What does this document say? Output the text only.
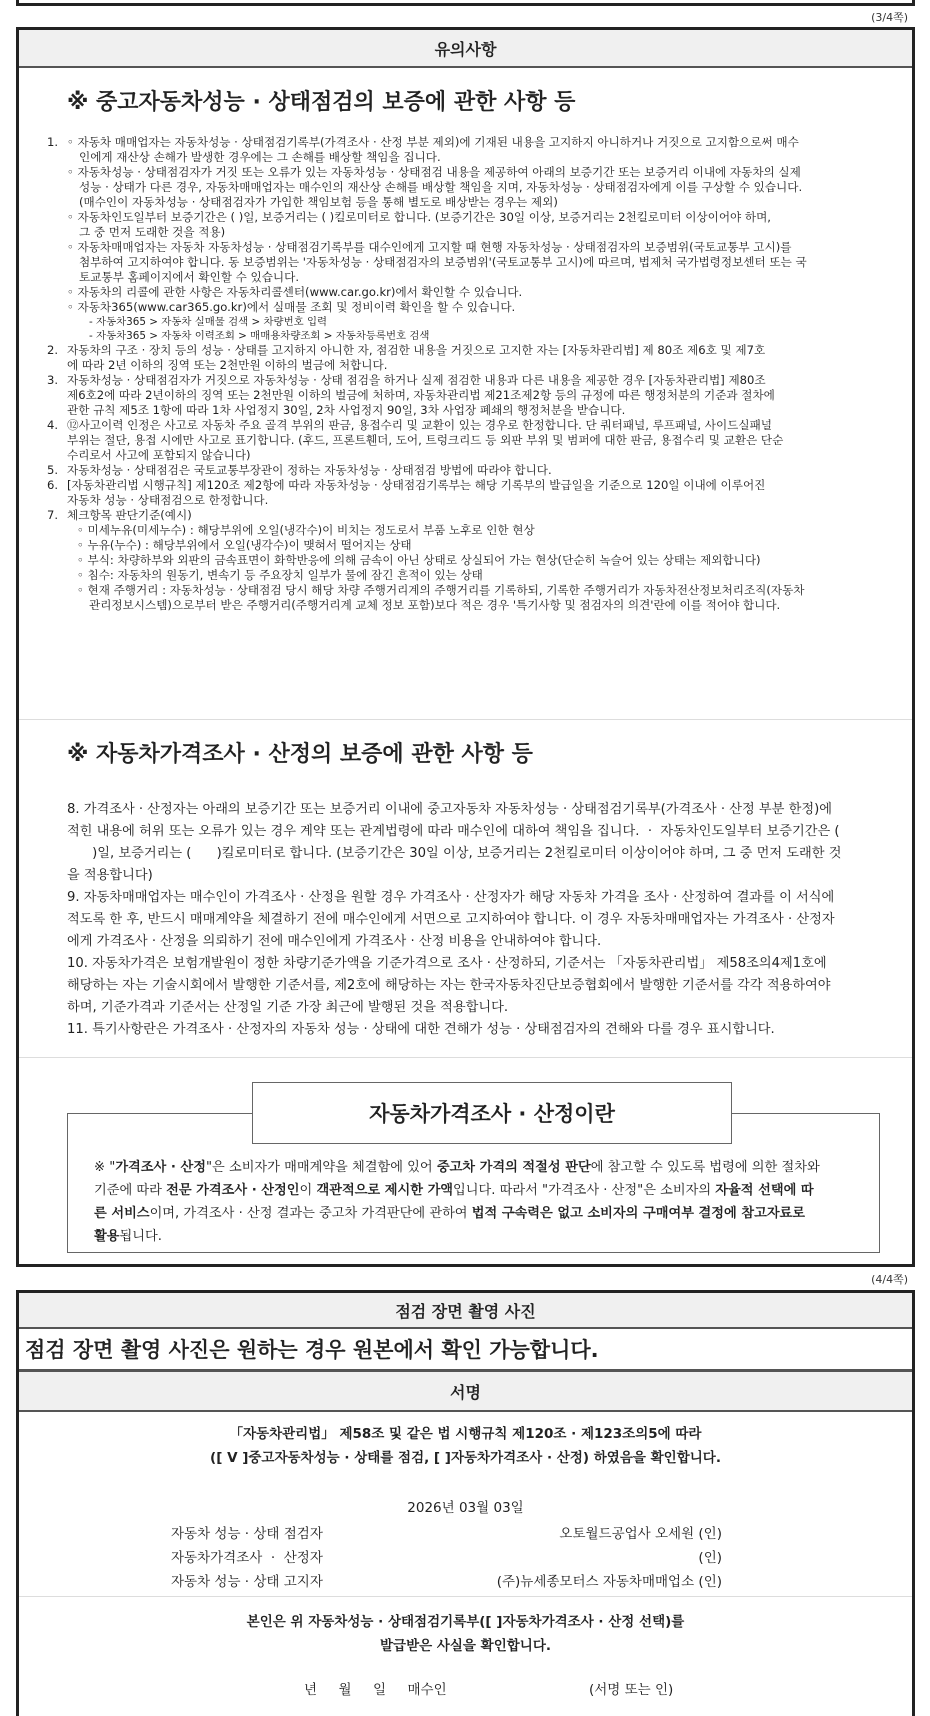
(3/4쪽)
유의사항
※ 중고자동차성능 · 상태점검의 보증에 관한 사항 등
1. ◦ 자동차 매매업자는 자동차성능 · 상태점검기록부(가격조사 · 산정 부분 제외)에 기재된 내용을 고지하지 아니하거나 거짓으로 고지함으로써 매수
인에게 재산상 손해가 발생한 경우에는 그 손해를 배상할 책임을 집니다.
◦ 자동차성능 · 상태점검자가 거짓 또는 오류가 있는 자동차성능 · 상태점검 내용을 제공하여 아래의 보증기간 또는 보증거리 이내에 자동차의 실제
성능 · 상태가 다른 경우, 자동차매매업자는 매수인의 재산상 손해를 배상할 책임을 지며, 자동차성능 · 상태점검자에게 이를 구상할 수 있습니다.
(매수인이 자동차성능 · 상태점검자가 가입한 책임보험 등을 통해 별도로 배상받는 경우는 제외)
◦ 자동차인도일부터 보증기간은 ( )일, 보증거리는 ( )킬로미터로 합니다. (보증기간은 30일 이상, 보증거리는 2천킬로미터 이상이어야 하며,
그 중 먼저 도래한 것을 적용)
◦ 자동차매매업자는 자동차 자동차성능 · 상태점검기록부를 대수인에게 고지할 때 현행 자동차성능 · 상태점검자의 보증범위(국토교통부 고시)를
첨부하여 고지하여야 합니다. 동 보증범위는 '자동차성능 · 상태점검자의 보증범위'(국토교통부 고시)에 따르며, 법제처 국가법령정보센터 또는 국
토교통부 홈페이지에서 확인할 수 있습니다.
◦ 자동차의 리콜에 관한 사항은 자동차리콜센터(www.car.go.kr)에서 확인할 수 있습니다.
◦ 자동차365(www.car365.go.kr)에서 실매물 조회 및 정비이력 확인을 할 수 있습니다.
- 자동차365 > 자동차 실매물 검색 > 차량번호 입력
- 자동차365 > 자동차 이력조회 > 매매용차량조회 > 자동차등록번호 검색
2. 자동차의 구조 · 장치 등의 성능 · 상태를 고지하지 아니한 자, 점검한 내용을 거짓으로 고지한 자는 [자동차관리법] 제 80조 제6호 및 제7호
에 따라 2년 이하의 징역 또는 2천만원 이하의 벌금에 처합니다.
3. 자동차성능 · 상태점검자가 거짓으로 자동차성능 · 상태 점검을 하거나 실제 점검한 내용과 다른 내용을 제공한 경우 [자동차관리법] 제80조
제6호2에 따라 2년이하의 징역 또는 2천만원 이하의 벌금에 처하며, 자동차관리법 제21조제2항 등의 규정에 따른 행정처분의 기준과 절차에
관한 규칙 제5조 1항에 따라 1차 사업정지 30일, 2차 사업정지 90일, 3차 사업장 폐쇄의 행정처분을 받습니다.
4. ⑫사고이력 인정은 사고로 자동차 주요 골격 부위의 판금, 용접수리 및 교환이 있는 경우로 한정합니다. 단 쿼터패널, 루프패널, 사이드실패널
부위는 절단, 용접 시에만 사고로 표기합니다. (후드, 프론트휀더, 도어, 트렁크리드 등 외판 부위 및 범퍼에 대한 판금, 용접수리 및 교환은 단순
수리로서 사고에 포함되지 않습니다)
5. 자동차성능 · 상태점검은 국토교통부장관이 정하는 자동차성능 · 상태점검 방법에 따라야 합니다.
6. [자동차관리법 시행규칙] 제120조 제2항에 따라 자동차성능 · 상태점검기록부는 해당 기록부의 발급일을 기준으로 120일 이내에 이루어진
자동차 성능 · 상태점검으로 한정합니다.
7. 체크항목 판단기준(예시)
◦ 미세누유(미세누수) : 해당부위에 오일(냉각수)이 비치는 정도로서 부품 노후로 인한 현상
◦ 누유(누수) : 해당부위에서 오일(냉각수)이 맺혀서 떨어지는 상태
◦ 부식: 차량하부와 외판의 금속표면이 화학반응에 의해 금속이 아닌 상태로 상실되어 가는 현상(단순히 녹슬어 있는 상태는 제외합니다)
◦ 침수: 자동차의 원동기, 변속기 등 주요장치 일부가 물에 잠긴 흔적이 있는 상태
◦ 현재 주행거리 : 자동차성능 · 상태점검 당시 해당 차량 주행거리계의 주행거리를 기록하되, 기록한 주행거리가 자동차전산정보처리조직(자동차
관리정보시스템)으로부터 받은 주행거리(주행거리계 교체 정보 포함)보다 적은 경우 '특기사항 및 점검자의 의견'란에 이를 적어야 합니다.
※ 자동차가격조사 · 산정의 보증에 관한 사항 등
8. 가격조사 · 산정자는 아래의 보증기간 또는 보증거리 이내에 중고자동차 자동차성능 · 상태점검기록부(가격조사 · 산정 부분 한정)에
적힌 내용에 허위 또는 오류가 있는 경우 계약 또는 관계법령에 따라 매수인에 대하여 책임을 집니다.  ·  자동차인도일부터 보증기간은 (
)일, 보증거리는 (      )킬로미터로 합니다. (보증기간은 30일 이상, 보증거리는 2천킬로미터 이상이어야 하며, 그 중 먼저 도래한 것
을 적용합니다)
9. 자동차매매업자는 매수인이 가격조사 · 산정을 원할 경우 가격조사 · 산정자가 해당 자동차 가격을 조사 · 산정하여 결과를 이 서식에
적도록 한 후, 반드시 매매계약을 체결하기 전에 매수인에게 서면으로 고지하여야 합니다. 이 경우 자동차매매업자는 가격조사 · 산정자
에게 가격조사 · 산정을 의뢰하기 전에 매수인에게 가격조사 · 산정 비용을 안내하여야 합니다.
10. 자동차가격은 보험개발원이 정한 차량기준가액을 기준가격으로 조사 · 산정하되, 기준서는 「자동차관리법」 제58조의4제1호에
해당하는 자는 기술시회에서 발행한 기준서를, 제2호에 해당하는 자는 한국자동차진단보증협회에서 발행한 기준서를 각각 적용하여야
하며, 기준가격과 기준서는 산정일 기준 가장 최근에 발행된 것을 적용합니다.
11. 특기사항란은 가격조사 · 산정자의 자동차 성능 · 상태에 대한 견해가 성능 · 상태점검자의 견해와 다를 경우 표시합니다.
※ "가격조사 · 산정"은 소비자가 매매계약을 체결함에 있어 중고차 가격의 적절성 판단에 참고할 수 있도록 법령에 의한 절차와
기준에 따라 전문 가격조사 · 산정인이 객관적으로 제시한 가액입니다. 따라서 "가격조사 · 산정"은 소비자의 자율적 선택에 따
른 서비스이며, 가격조사 · 산정 결과는 중고차 가격판단에 관하여 법적 구속력은 없고 소비자의 구매여부 결정에 참고자료로
활용됩니다.
자동차가격조사 · 산정이란
(4/4쪽)
점검 장면 촬영 사진
점검 장면 촬영 사진은 원하는 경우 원본에서 확인 가능합니다.
서명
「자동차관리법」 제58조 및 같은 법 시행규칙 제120조 · 제123조의5에 따라
([ V ]중고자동차성능 · 상태를 점검, [ ]자동차가격조사 · 산정) 하였음을 확인합니다.
2026년 03월 03일
자동차 성능 · 상태 점검자	오토월드공업사 오세원 (인)
자동차가격조사  ·  산정자	(인)
자동차 성능 · 상태 고지자	(주)뉴세종모터스 자동차매매업소 (인)
본인은 위 자동차성능 · 상태점검기록부([ ]자동차가격조사 · 산정 선택)를
발급받은 사실을 확인합니다.
년     월     일     매수인	(서명 또는 인)
